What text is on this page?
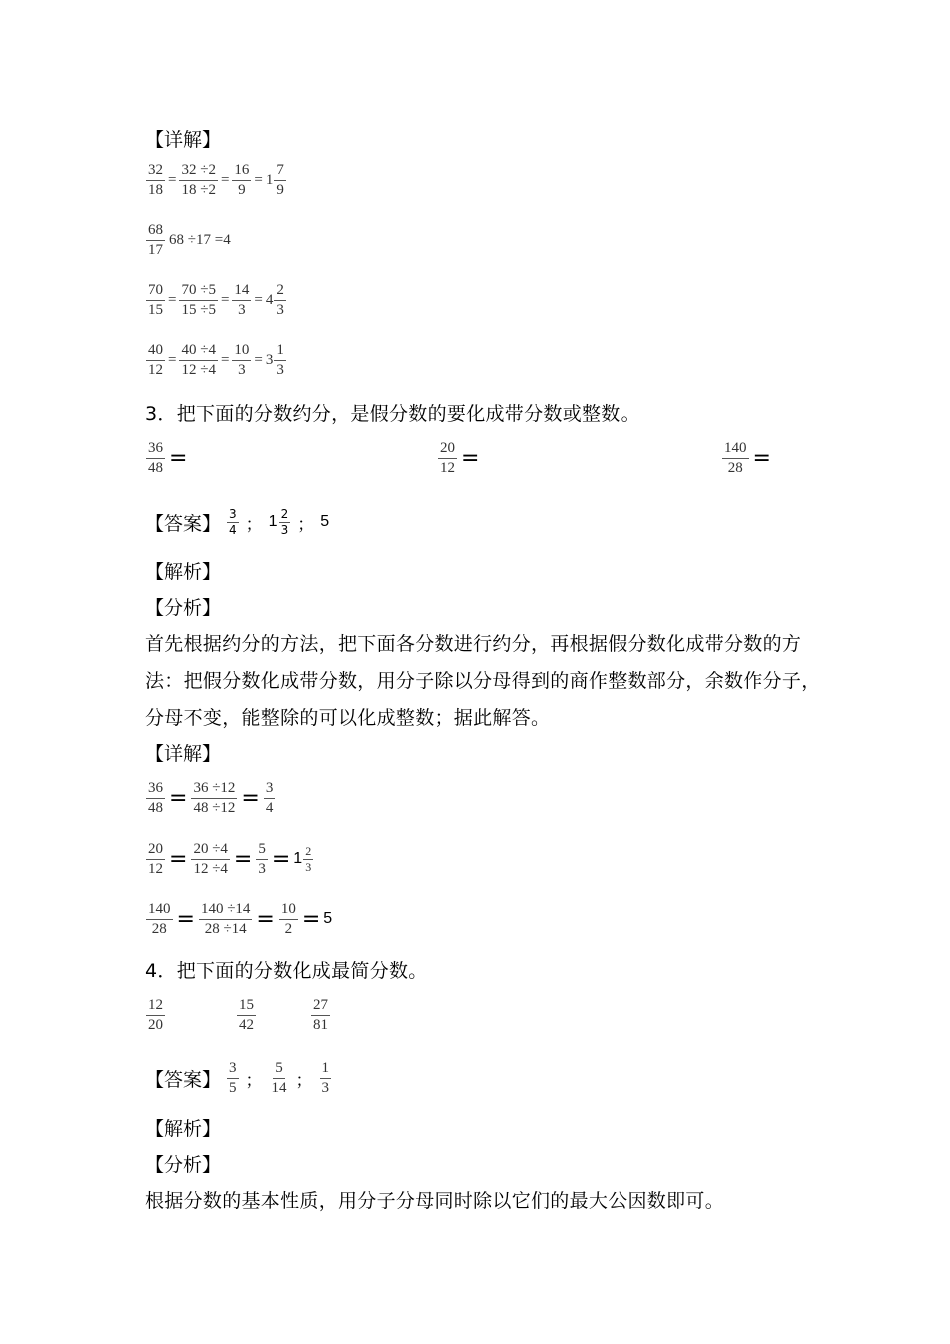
【详解】
$\frac{32}{18} = \frac{32 \div 2}{18 \div 2} = \frac{16}{9} = 1 \frac{7}{9}$
$\frac{68}{17} 68 \div 17 =4$
$\frac{70}{15} = \frac{70 \div 5}{15 \div 5} = \frac{14}{3} = 4 \frac{2}{3}$
$\frac{40}{12} = \frac{40 \div 4}{12 \div 4} = \frac{10}{3} = 3 \frac{1}{3}$
3．把下面的分数约分，是假分数的要化成带分数或整数。
$\frac{36}{48}$ =	$\frac{20}{12}$ =	$\frac{140}{28}$ =
【答案】 $\frac{3}{4}$ ； $1 \frac{2}{3}$ ； 5
【解析】
【分析】
首先根据约分的方法，把下面各分数进行约分，再根据假分数化成带分数的方
法：把假分数化成带分数，用分子除以分母得到的商作整数部分，余数作分子，
分母不变，能整除的可以化成整数；据此解答。
【详解】
$\frac{36}{48} = \frac{36 \div 12}{48 \div 12} = \frac{3}{4}$
$\frac{20}{12} = \frac{20 \div 4}{12 \div 4} = \frac{5}{3} = 1 \frac{2}{3}$
$\frac{140}{28} = \frac{140 \div 14}{28 \div 14} = \frac{10}{2} = 5$
4．把下面的分数化成最简分数。
$\frac{12}{20}$	$\frac{15}{42}$	$\frac{27}{81}$
【答案】 $\frac{3}{5}$ ； $\frac{5}{14}$ ； $\frac{1}{3}$
【解析】
【分析】
根据分数的基本性质，用分子分母同时除以它们的最大公因数即可。
